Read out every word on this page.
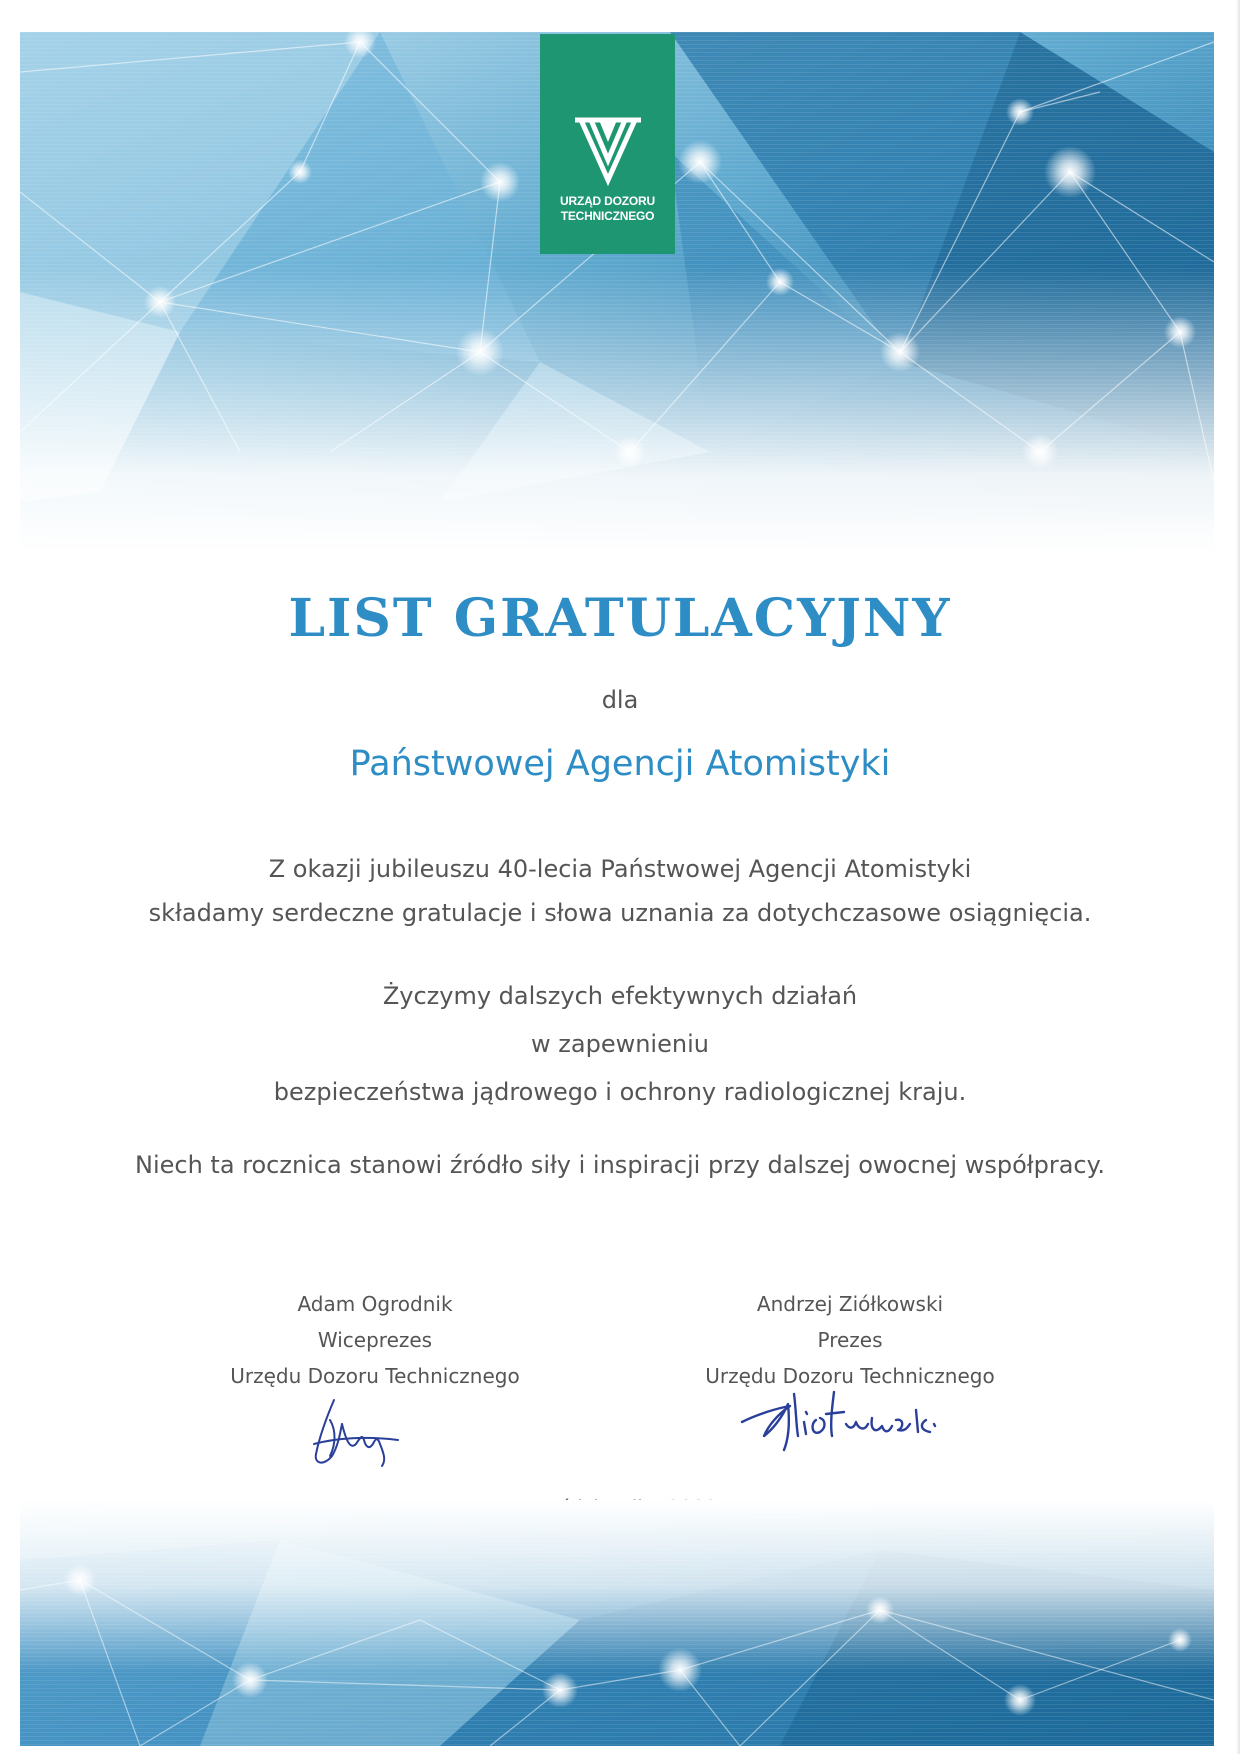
URZĄD DOZORU
TECHNICZNEGO
LIST GRATULACYJNY
dla
Państwowej Agencji Atomistyki

Z okazji jubileuszu 40-lecia Państwowej Agencji Atomistyki
składamy serdeczne gratulacje i słowa uznania za dotychczasowe osiągnięcia.

Życzymy dalszych efektywnych działań
w zapewnieniu
bezpieczeństwa jądrowego i ochrony radiologicznej kraju.

Niech ta rocznica stanowi źródło siły i inspiracji przy dalszej owocnej współpracy.

Adam Ogrodnik
Wiceprezes
Urzędu Dozoru Technicznego
Andrzej Ziółkowski
Prezes
Urzędu Dozoru Technicznego
